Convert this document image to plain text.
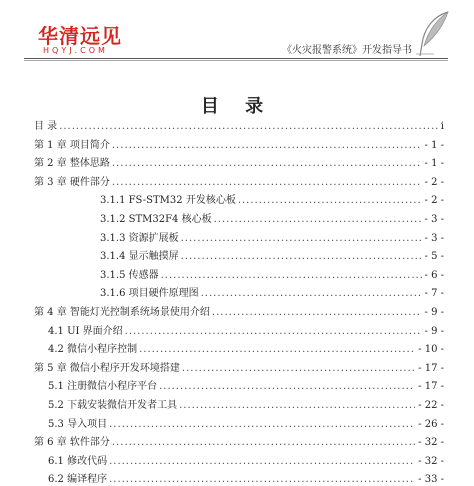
华清远见
HQYJ.COM	《火灾报警系统》开发指导书
目 录
目 录 .....	i
第 1 章 项目简介 .....	- 1 -
第 2 章 整体思路 .....	- 1 -
第 3 章 硬件部分 .....	- 2 -
3.1.1 FS-STM32 开发核心板 .....	- 2 -
3.1.2 STM32F4 核心板 .....	- 3 -
3.1.3 资源扩展板 .....	- 3 -
3.1.4 显示触摸屏 .....	- 5 -
3.1.5 传感器 .....	- 6 -
3.1.6 项目硬件原理图 .....	- 7 -
第 4 章 智能灯光控制系统场景使用介绍 .....	- 9 -
4.1 UI 界面介绍 .....	- 9 -
4.2 微信小程序控制 .....	- 10 -
第 5 章 微信小程序开发环境搭建 .....	- 17 -
5.1 注册微信小程序平台 .....	- 17 -
5.2 下载安装微信开发者工具 .....	- 22 -
5.3 导入项目 .....	- 26 -
第 6 章 软件部分 .....	- 32 -
6.1 修改代码 .....	- 32 -
6.2 编译程序 .....	- 33 -
